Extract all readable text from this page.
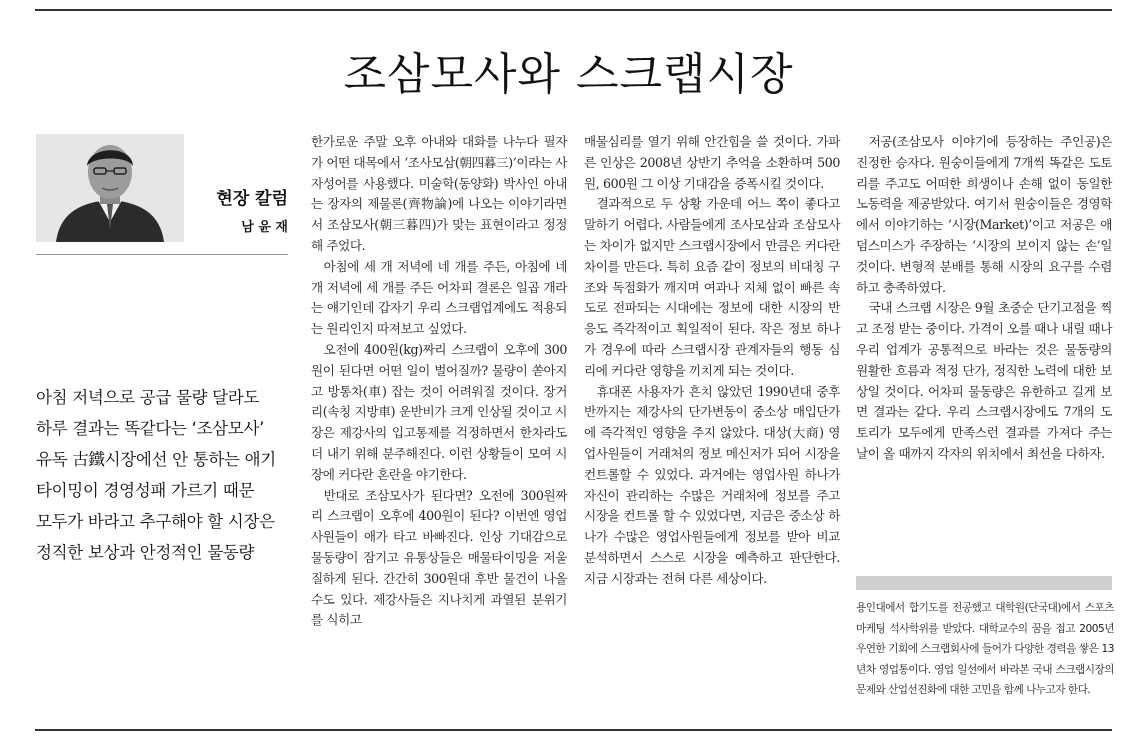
조삼모사와 스크랩시장
현장 칼럼
남 윤 재
아침 저녁으로 공급 물량 달라도
하루 결과는 똑같다는 ‘조삼모사’
유독 古鐵시장에선 안 통하는 애기
타이밍이 경영성패 가르기 때문
모두가 바라고 추구해야 할 시장은
정직한 보상과 안정적인 물동량

한가로운 주말 오후 아내와 대화를 나누다 필자가 어떤 대목에서 ‘조사모삼(朝四暮三)’이라는 사자성어를 사용했다. 미술학(동양화) 박사인 아내는 장자의 제물론(齊物論)에 나오는 이야기라면서 조삼모사(朝三暮四)가 맞는 표현이라고 정정해 주었다.

아침에 세 개 저녁에 네 개를 주든, 아침에 네 개 저녁에 세 개를 주든 어차피 결론은 일곱 개라는 얘기인데 갑자기 우리 스크랩업계에도 적용되는 원리인지 따져보고 싶었다.

오전에 400원(kg)짜리 스크랩이 오후에 300원이 된다면 어떤 일이 벌어질까? 물량이 쏟아지고 방통차(車) 잡는 것이 어려워질 것이다. 장거리(속칭 지방車) 운반비가 크게 인상될 것이고 시장은 제강사의 입고통제를 걱정하면서 한차라도 더 내기 위해 분주해진다. 이런 상황들이 모여 시장에 커다란 혼란을 야기한다.

반대로 조삼모사가 된다면? 오전에 300원짜리 스크랩이 오후에 400원이 된다? 이번엔 영업사원들이 애가 타고 바빠진다. 인상 기대감으로 물동량이 잠기고 유통상들은 매물타이밍을 저울질하게 된다. 간간히 300원대 후반 물건이 나올 수도 있다. 제강사들은 지나치게 과열된 분위기를 식히고

매물심리를 열기 위해 안간힘을 쓸 것이다. 가파른 인상은 2008년 상반기 추억을 소환하며 500원, 600원 그 이상 기대감을 증폭시킬 것이다.

결과적으로 두 상황 가운데 어느 쪽이 좋다고 말하기 어렵다. 사람들에게 조사모삼과 조삼모사는 차이가 없지만 스크랩시장에서 만큼은 커다란 차이를 만든다. 특히 요즘 같이 정보의 비대칭 구조와 독점화가 깨지며 여과나 지체 없이 빠른 속도로 전파되는 시대에는 정보에 대한 시장의 반응도 즉각적이고 획일적이 된다. 작은 정보 하나가 경우에 따라 스크랩시장 관계자들의 행동 심리에 커다란 영향을 끼치게 되는 것이다.

휴대폰 사용자가 흔치 않았던 1990년대 중후반까지는 제강사의 단가변동이 중소상 매입단가에 즉각적인 영향을 주지 않았다. 대상(大商) 영업사원들이 거래처의 정보 메신저가 되어 시장을 컨트롤할 수 있었다. 과거에는 영업사원 하나가 자신이 관리하는 수많은 거래처에 정보를 주고 시장을 컨트롤 할 수 있었다면, 지금은 중소상 하나가 수많은 영업사원들에게 정보를 받아 비교 분석하면서 스스로 시장을 예측하고 판단한다. 지금 시장과는 전혀 다른 세상이다.

저공(조삼모사 이야기에 등장하는 주인공)은 진정한 승자다. 원숭이들에게 7개씩 똑같은 도토리를 주고도 어떠한 희생이나 손해 없이 동일한 노동력을 제공받았다. 여기서 원숭이들은 경영학에서 이야기하는 ‘시장(Market)’이고 저공은 애덤스미스가 주장하는 ‘시장의 보이지 않는 손’일 것이다. 변형적 분배를 통해 시장의 요구를 수렴하고 충족하였다.

국내 스크랩 시장은 9월 초중순 단기고점을 찍고 조정 받는 중이다. 가격이 오를 때나 내릴 때나 우리 업계가 공통적으로 바라는 것은 물동량의 원활한 흐름과 적정 단가, 정직한 노력에 대한 보상일 것이다. 어차피 물동량은 유한하고 길게 보면 결과는 같다. 우리 스크랩시장에도 7개의 도토리가 모두에게 만족스런 결과를 가져다 주는 날이 올 때까지 각자의 위치에서 최선을 다하자.

용인대에서 합기도를 전공했고 대학원(단국대)에서 스포츠마케팅 석사학위를 받았다. 대학교수의 꿈을 접고 2005년 우연한 기회에 스크랩회사에 들어가 다양한 경력을 쌓은 13년차 영업통이다. 영업 일선에서 바라본 국내 스크랩시장의 문제와 산업선진화에 대한 고민을 함께 나누고자 한다.
